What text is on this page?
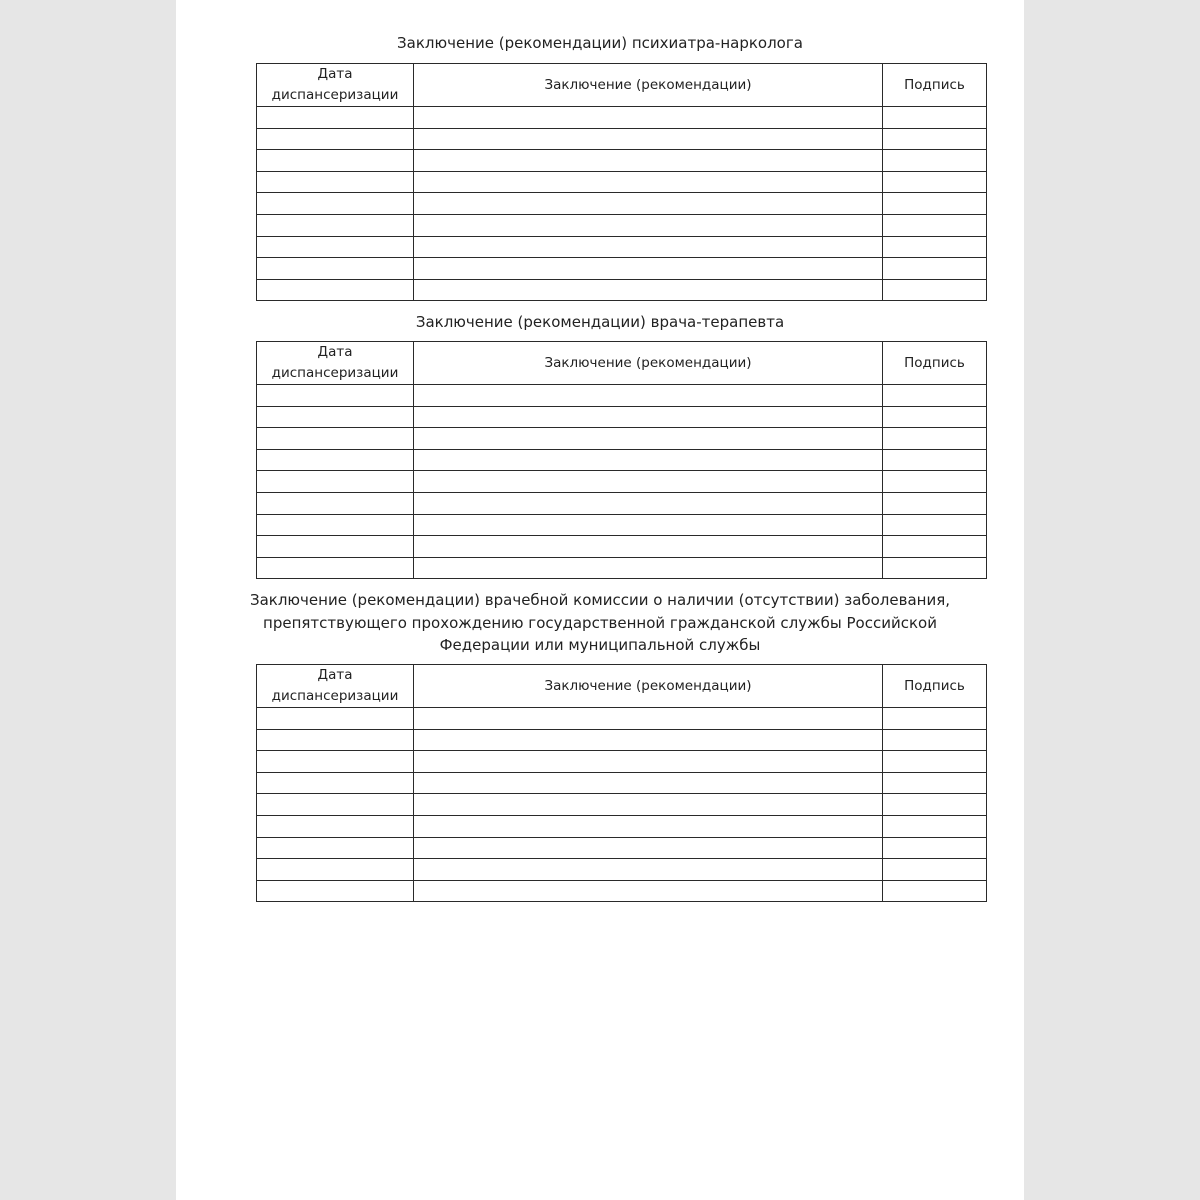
Заключение (рекомендации) психиатра-нарколога
Дата
диспансеризации	Заключение (рекомендации)	Подпись

Заключение (рекомендации) врача-терапевта
Дата
диспансеризации	Заключение (рекомендации)	Подпись

Заключение (рекомендации) врачебной комиссии о наличии (отсутствии) заболевания,
препятствующего прохождению государственной гражданской службы Российской
Федерации или муниципальной службы
Дата
диспансеризации	Заключение (рекомендации)	Подпись
